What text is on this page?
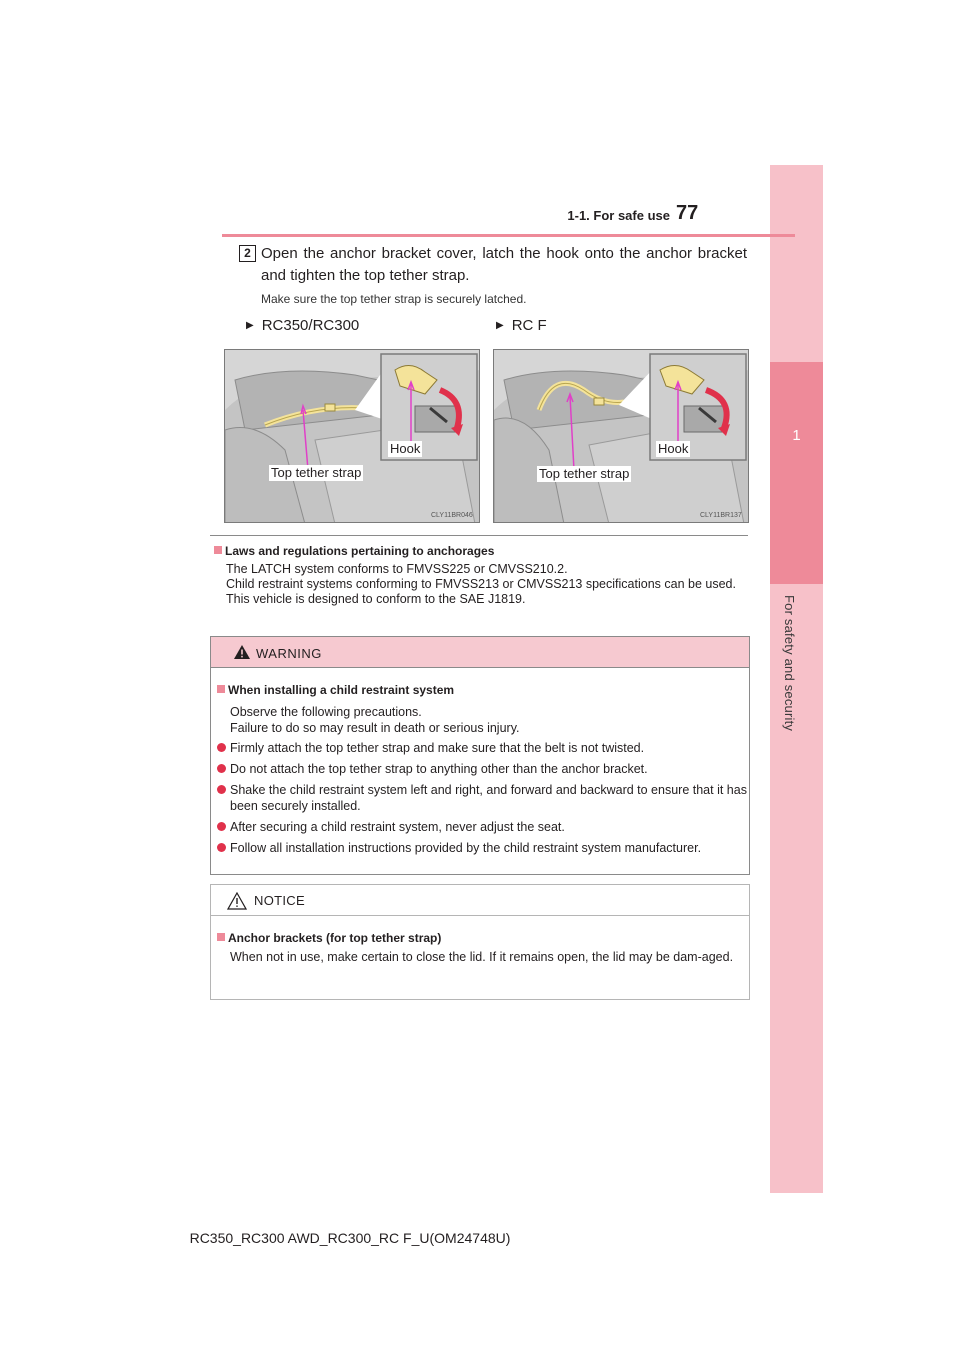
1
For safety and security
1-1. For safe use 77
2 Open the anchor bracket cover, latch the hook onto the anchor bracket and tighten the top tether strap.
Make sure the top tether strap is securely latched.
▶ RC350/RC300	▶ RC F
Hook
Top tether strap
CLY11BR046
Hook
Top tether strap
CLY11BR137
Laws and regulations pertaining to anchorages
The LATCH system conforms to FMVSS225 or CMVSS210.2.
Child restraint systems conforming to FMVSS213 or CMVSS213 specifications can be used.
This vehicle is designed to conform to the SAE J1819.
WARNING
When installing a child restraint system
Observe the following precautions.
Failure to do so may result in death or serious injury.
Firmly attach the top tether strap and make sure that the belt is not twisted.
Do not attach the top tether strap to anything other than the anchor bracket.
Shake the child restraint system left and right, and forward and backward to ensure that it has been securely installed.
After securing a child restraint system, never adjust the seat.
Follow all installation instructions provided by the child restraint system manufacturer.
NOTICE
Anchor brackets (for top tether strap)
When not in use, make certain to close the lid. If it remains open, the lid may be dam-aged.
RC350_RC300 AWD_RC300_RC F_U(OM24748U)
